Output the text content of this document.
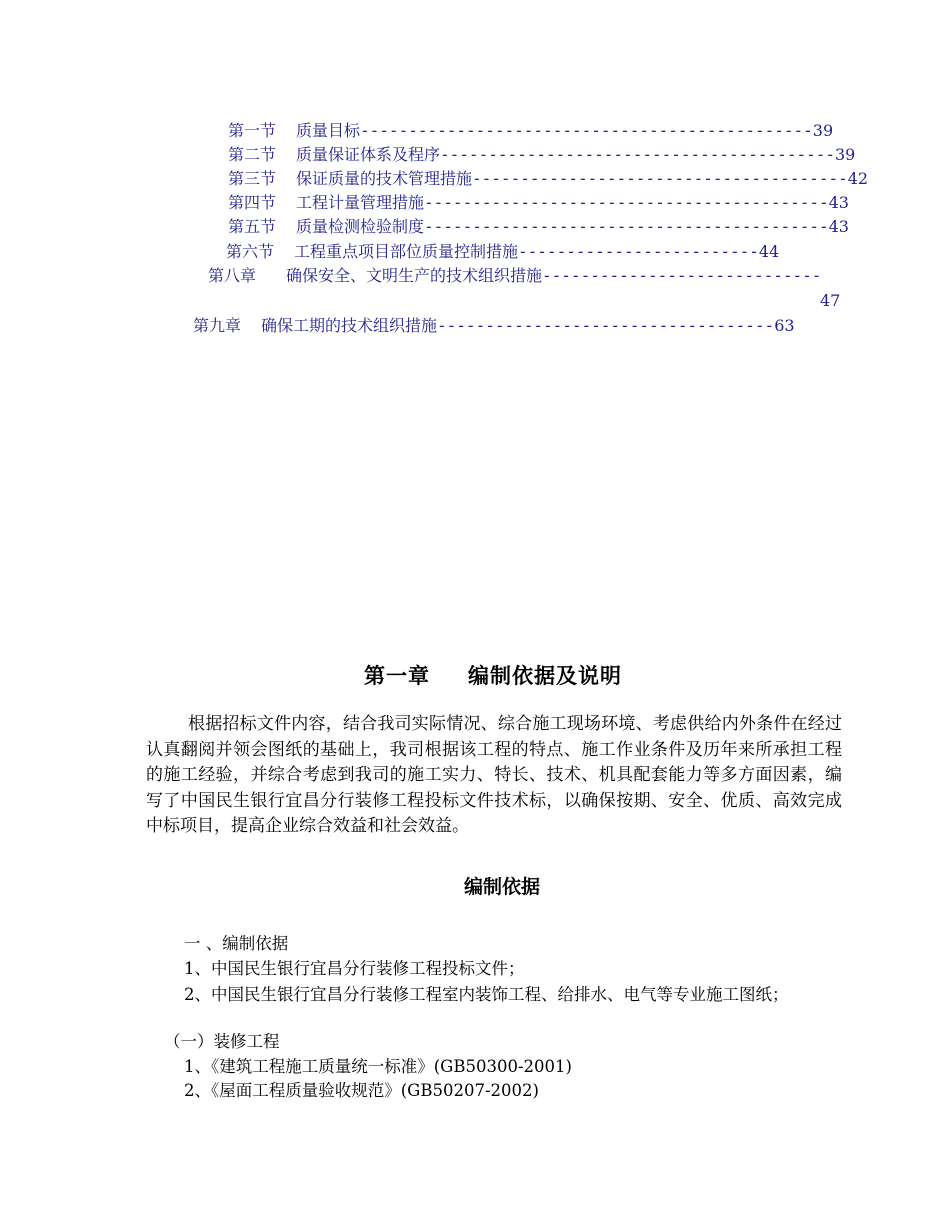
第一节 质量目标-----------------------------------------------39
第二节 质量保证体系及程序-----------------------------------------39
第三节 保证质量的技术管理措施---------------------------------------42
第四节 工程计量管理措施------------------------------------------43
第五节 质量检测检验制度------------------------------------------43
第六节 工程重点项目部位质量控制措施-------------------------44
第八章 确保安全、文明生产的技术组织措施-----------------------------
47
第九章 确保工期的技术组织措施-----------------------------------63
第一章 编制依据及说明
根据招标文件内容，结合我司实际情况、综合施工现场环境、考虑供给内外条件在经过认真翻阅并领会图纸的基础上，我司根据该工程的特点、施工作业条件及历年来所承担工程的施工经验，并综合考虑到我司的施工实力、特长、技术、机具配套能力等多方面因素，编写了中国民生银行宜昌分行装修工程投标文件技术标，以确保按期、安全、优质、高效完成中标项目，提高企业综合效益和社会效益。
编制依据
一 、编制依据
1、中国民生银行宜昌分行装修工程投标文件；
2、中国民生银行宜昌分行装修工程室内装饰工程、给排水、电气等专业施工图纸；
（一）装修工程
1、《建筑工程施工质量统一标准》(GB50300-2001)
2、《屋面工程质量验收规范》(GB50207-2002)
